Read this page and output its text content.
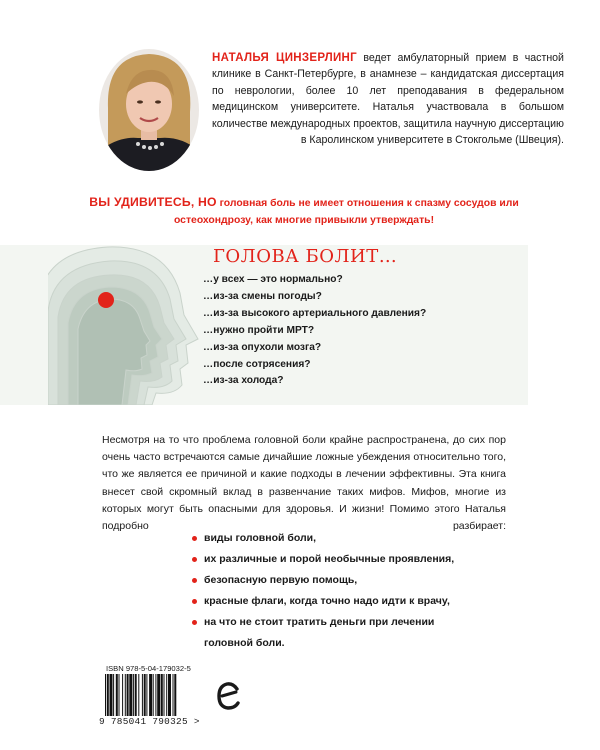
НАТАЛЬЯ ЦИНЗЕРЛИНГ ведет амбулаторный прием в частной клинике в Санкт-Петербурге, в анамнезе – кандидатская диссертация по неврологии, более 10 лет преподавания в федеральном медицинском университете. Наталья участвовала в большом количестве международных проектов, защитила научную диссертацию в Каролинском университете в Стокгольме (Швеция).
ВЫ УДИВИТЕСЬ, НО головная боль не имеет отношения к спазму сосудов или остеохондрозу, как многие привыкли утверждать!
ГОЛОВА БОЛИТ…
…у всех — это нормально?
…из-за смены погоды?
…из-за высокого артериального давления?
…нужно пройти МРТ?
…из-за опухоли мозга?
…после сотрясения?
…из-за холода?
Несмотря на то что проблема головной боли крайне распространена, до сих пор очень часто встречаются самые дичайшие ложные убеждения относительно того, что же является ее причиной и какие подходы в лечении эффективны. Эта книга внесет свой скромный вклад в развенчание таких мифов. Мифов, многие из которых могут быть опасными для здоровья. И жизни! Помимо этого Наталья подробно разбирает:
виды головной боли,
их различные и порой необычные проявления,
безопасную первую помощь,
красные флаги, когда точно надо идти к врачу,
на что не стоит тратить деньги при лечении
головной боли.
ISBN 978-5-04-179032-5
9 785041 790325 >
